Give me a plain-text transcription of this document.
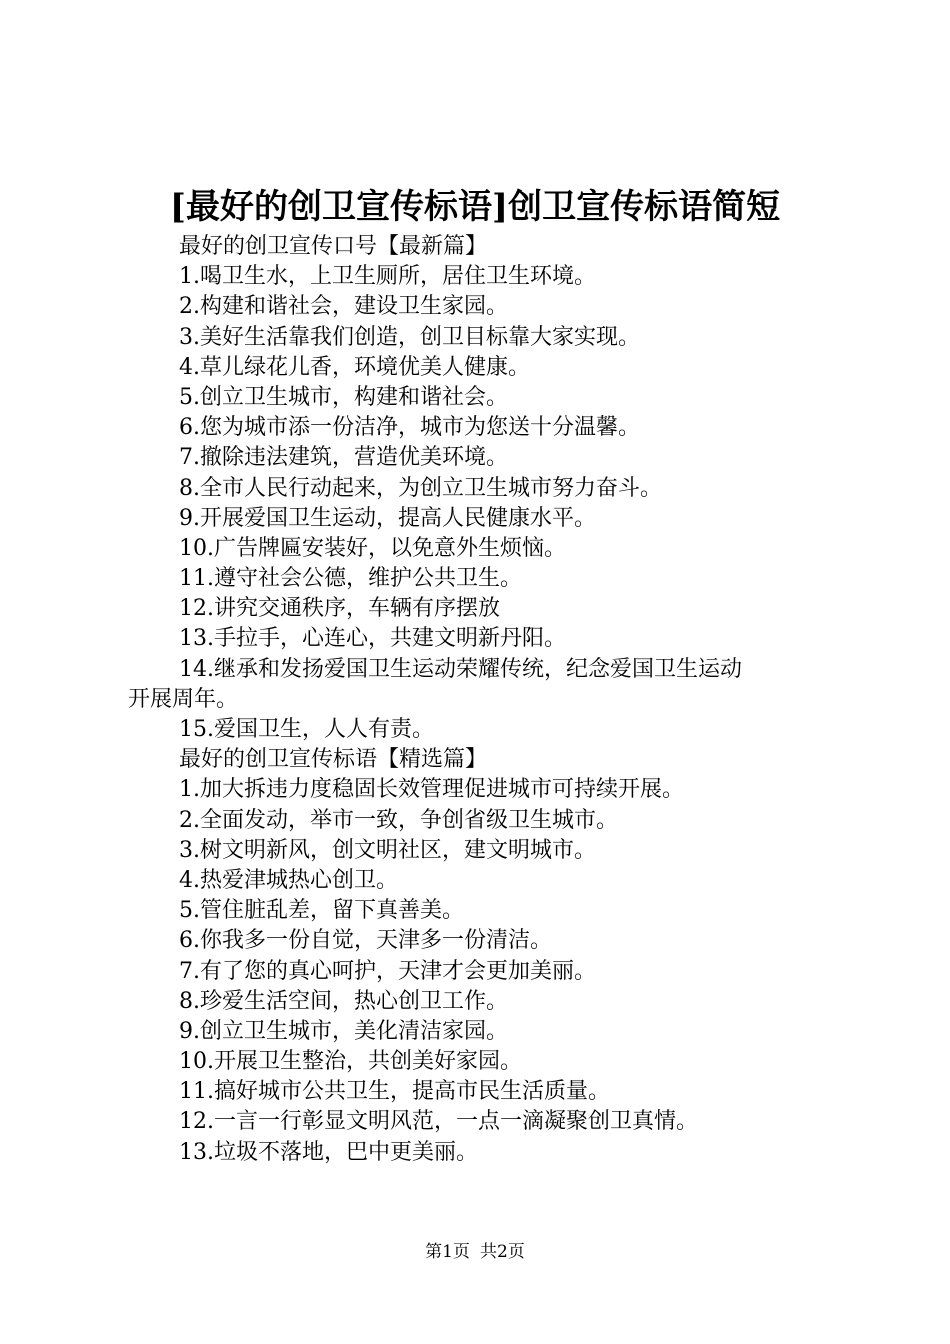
[最好的创卫宣传标语]创卫宣传标语简短
最好的创卫宣传口号【最新篇】
1.喝卫生水，上卫生厕所，居住卫生环境。
2.构建和谐社会，建设卫生家园。
3.美好生活靠我们创造，创卫目标靠大家实现。
4.草儿绿花儿香，环境优美人健康。
5.创立卫生城市，构建和谐社会。
6.您为城市添一份洁净，城市为您送十分温馨。
7.撤除违法建筑，营造优美环境。
8.全市人民行动起来，为创立卫生城市努力奋斗。
9.开展爱国卫生运动，提高人民健康水平。
10.广告牌匾安装好，以免意外生烦恼。
11.遵守社会公德，维护公共卫生。
12.讲究交通秩序，车辆有序摆放
13.手拉手，心连心，共建文明新丹阳。
14.继承和发扬爱国卫生运动荣耀传统，纪念爱国卫生运动
开展周年。
15.爱国卫生，人人有责。
最好的创卫宣传标语【精选篇】
1.加大拆违力度稳固长效管理促进城市可持续开展。
2.全面发动，举市一致，争创省级卫生城市。
3.树文明新风，创文明社区，建文明城市。
4.热爱津城热心创卫。
5.管住脏乱差，留下真善美。
6.你我多一份自觉，天津多一份清洁。
7.有了您的真心呵护，天津才会更加美丽。
8.珍爱生活空间，热心创卫工作。
9.创立卫生城市，美化清洁家园。
10.开展卫生整治，共创美好家园。
11.搞好城市公共卫生，提高市民生活质量。
12.一言一行彰显文明风范，一点一滴凝聚创卫真情。
13.垃圾不落地，巴中更美丽。
第1页 共2页
